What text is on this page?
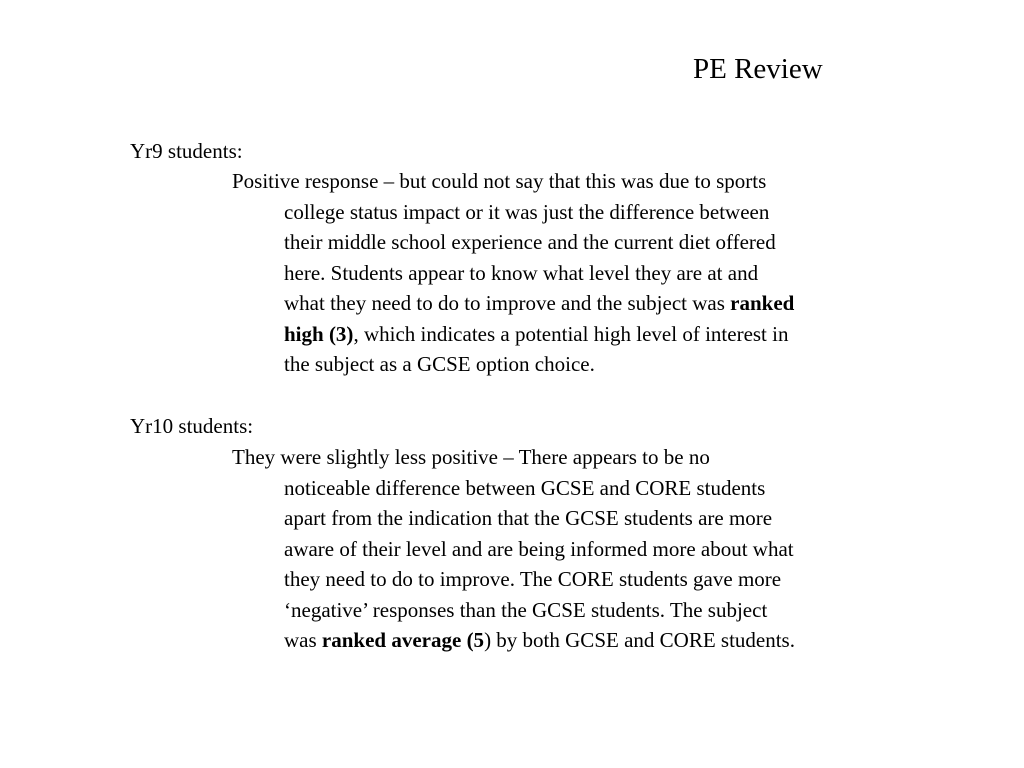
PE Review
Yr9 students:
Positive response – but could not say that this was due to sports
college status impact or it was just the difference between
their middle school experience and the current diet offered
here. Students appear to know what level they are at and
what they need to do to improve and the subject was ranked
high (3), which indicates a potential high level of interest in
the subject as a GCSE option choice.
Yr10 students:
They were slightly less positive – There appears to be no
noticeable difference between GCSE and CORE students
apart from the indication that the GCSE students are more
aware of their level and are being informed more about what
they need to do to improve. The CORE students gave more
‘negative’ responses than the GCSE students. The subject
was ranked average (5) by both GCSE and CORE students.
